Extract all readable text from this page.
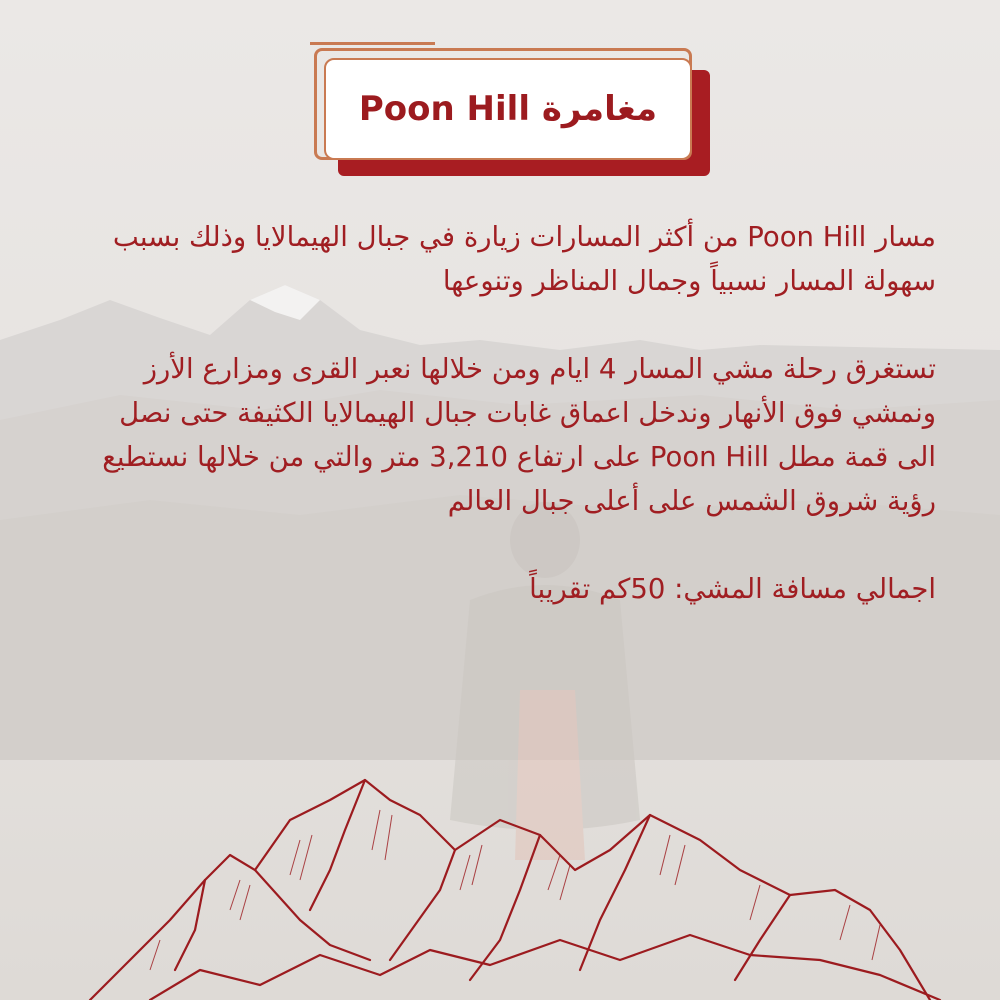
مغامرة Poon Hill

مسار Poon Hill من أكثر المسارات زيارة في جبال الهيمالايا وذلك بسبب سهولة المسار نسبياً وجمال المناظر وتنوعها

تستغرق رحلة مشي المسار 4 ايام ومن خلالها نعبر القرى ومزارع الأرز ونمشي فوق الأنهار وندخل اعماق غابات جبال الهيمالايا الكثيفة حتى نصل الى قمة مطل Poon Hill على ارتفاع 3,210 متر والتي من خلالها نستطيع رؤية شروق الشمس على أعلى جبال العالم

اجمالي مسافة المشي: 50كم تقريباً
